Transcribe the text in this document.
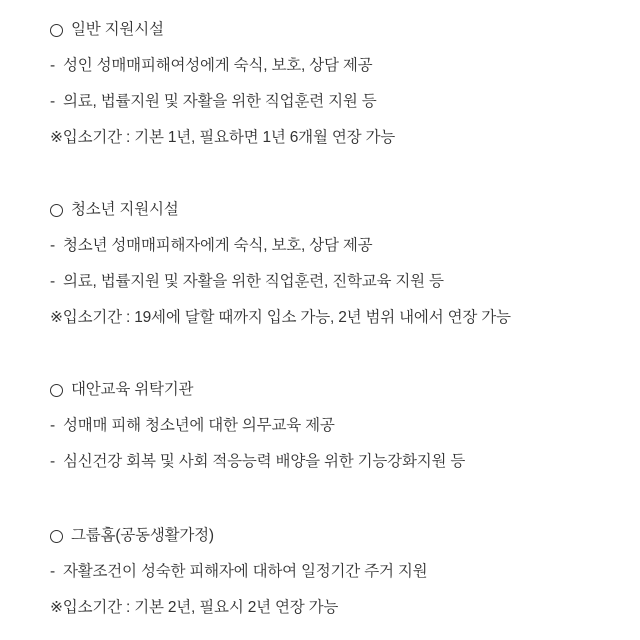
일반 지원시설
- 성인 성매매피해여성에게 숙식, 보호, 상담 제공
- 의료, 법률지원 및 자활을 위한 직업훈련 지원 등
※입소기간 : 기본 1년, 필요하면 1년 6개월 연장 가능
청소년 지원시설
- 청소년 성매매피해자에게 숙식, 보호, 상담 제공
- 의료, 법률지원 및 자활을 위한 직업훈련, 진학교육 지원 등
※입소기간 : 19세에 달할 때까지 입소 가능, 2년 범위 내에서 연장 가능
대안교육 위탁기관
- 성매매 피해 청소년에 대한 의무교육 제공
- 심신건강 회복 및 사회 적응능력 배양을 위한 기능강화지원 등
그룹홈(공동생활가정)
- 자활조건이 성숙한 피해자에 대하여 일정기간 주거 지원
※입소기간 : 기본 2년, 필요시 2년 연장 가능
